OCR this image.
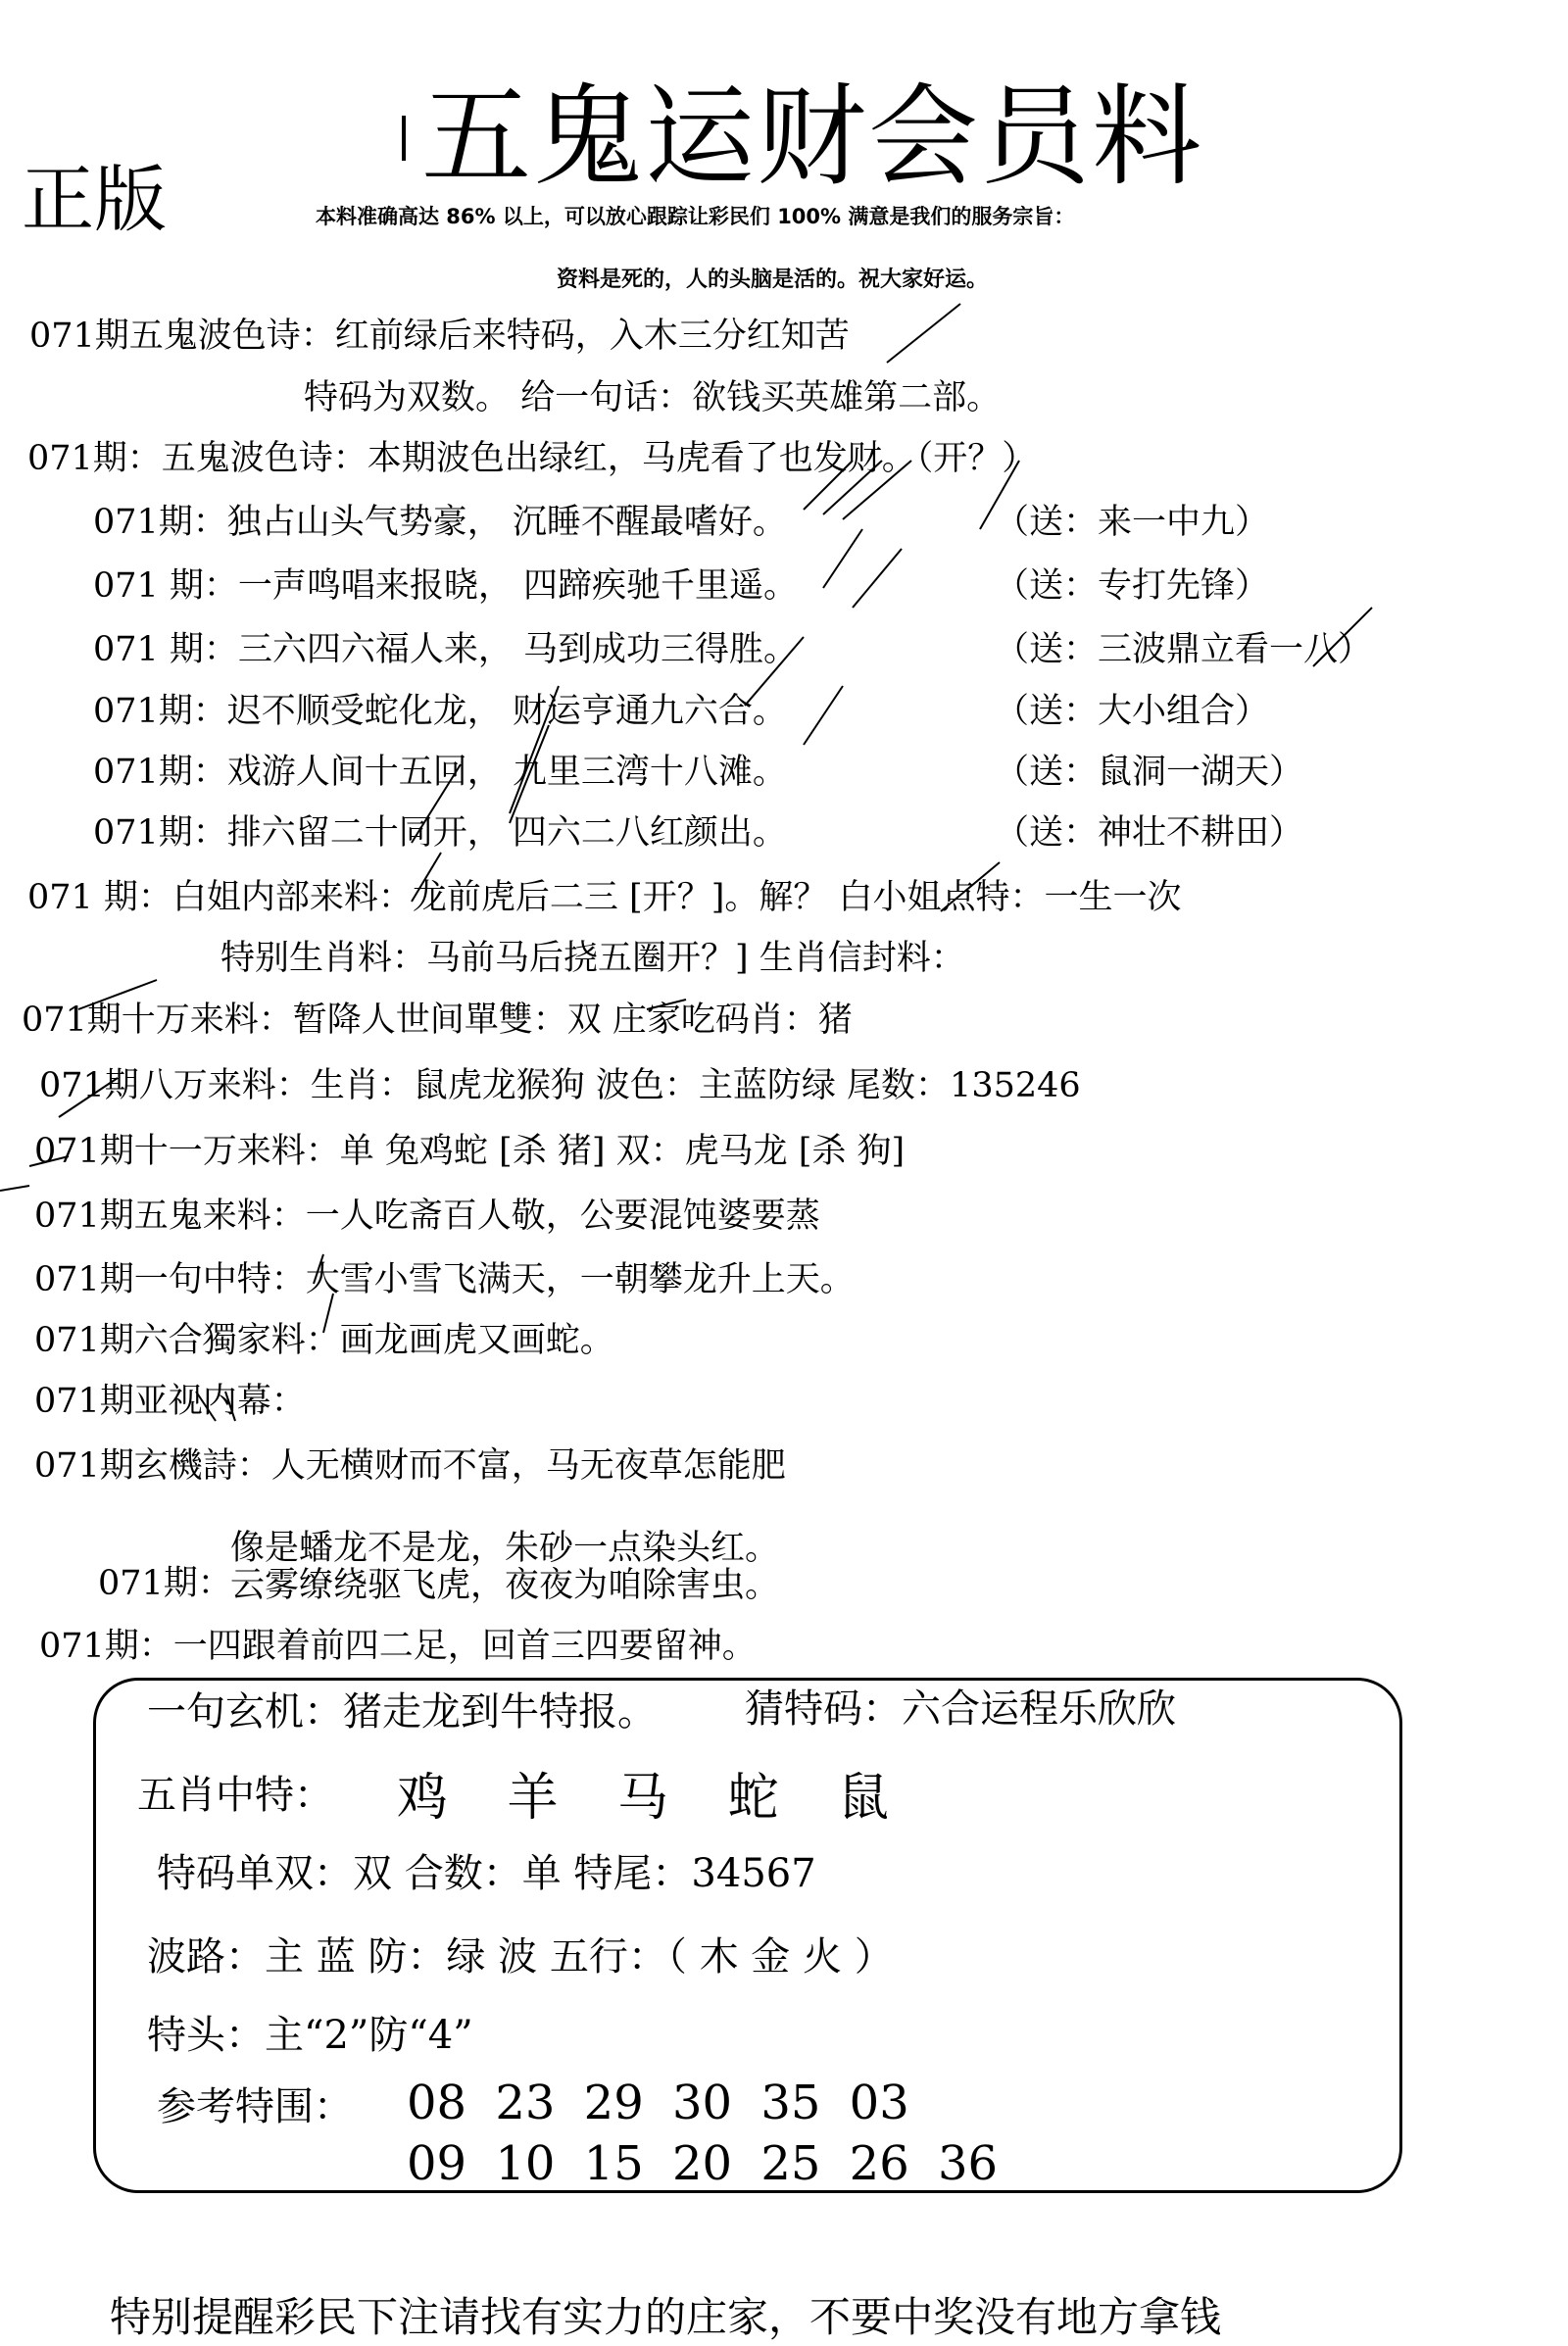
正版 五鬼运财会员料
本料准确高达 86% 以上，可以放心跟踪让彩民们 100% 满意是我们的服务宗旨：
资料是死的，人的头脑是活的。祝大家好运。
071期五鬼波色诗：红前绿后来特码，入木三分红知苦
特码为双数。 给一句话：欲钱买英雄第二部。
071期：五鬼波色诗：本期波色出绿红，马虎看了也发财。（开？）
071期：独占山头气势豪， 沉睡不醒最嗜好。	（送：来一中九）
071 期：一声鸣唱来报晓， 四蹄疾驰千里遥。	（送：专打先锋）
071 期：三六四六福人来， 马到成功三得胜。	（送：三波鼎立看一八）
071期：迟不顺受蛇化龙， 财运亨通九六合。	（送：大小组合）
071期：戏游人间十五回， 九里三湾十八滩。	（送：鼠洞一湖天）
071期：排六留二十同开， 四六二八红颜出。	（送：神壮不耕田）
071 期：白姐内部来料：龙前虎后二三 [开？]。解？ 白小姐点特：一生一次
特别生肖料：马前马后挠五圈开？] 生肖信封料：
071期十万来料：暂降人世间單雙：双 庄家吃码肖：猪
071期八万来料：生肖：鼠虎龙猴狗 波色：主蓝防绿 尾数：135246
071期十一万来料：单 兔鸡蛇 [杀 猪] 双：虎马龙 [杀 狗]
071期五鬼来料：一人吃斋百人敬，公要混饨婆要蒸
071期一句中特：大雪小雪飞满天，一朝攀龙升上天。
071期六合獨家料：画龙画虎又画蛇。
071期亚视内幕：
071期玄機詩：人无横财而不富，马无夜草怎能肥
像是蟠龙不是龙，朱砂一点染头红。
071期：
云雾缭绕驱飞虎，夜夜为咱除害虫。
071期：一四跟着前四二足，回首三四要留神。
一句玄机：猪走龙到牛特报。 猜特码：六合运程乐欣欣
五肖中特： 鸡 羊 马 蛇 鼠
特码单双：双 合数：单 特尾：34567
波路：主 蓝 防：绿 波 五行：（ 木 金 火 ）
特头：主“2”防“4”
参考特围： 08 23 29 30 35 03
09 10 15 20 25 26 36
特别提醒彩民下注请找有实力的庄家，不要中奖没有地方拿钱
